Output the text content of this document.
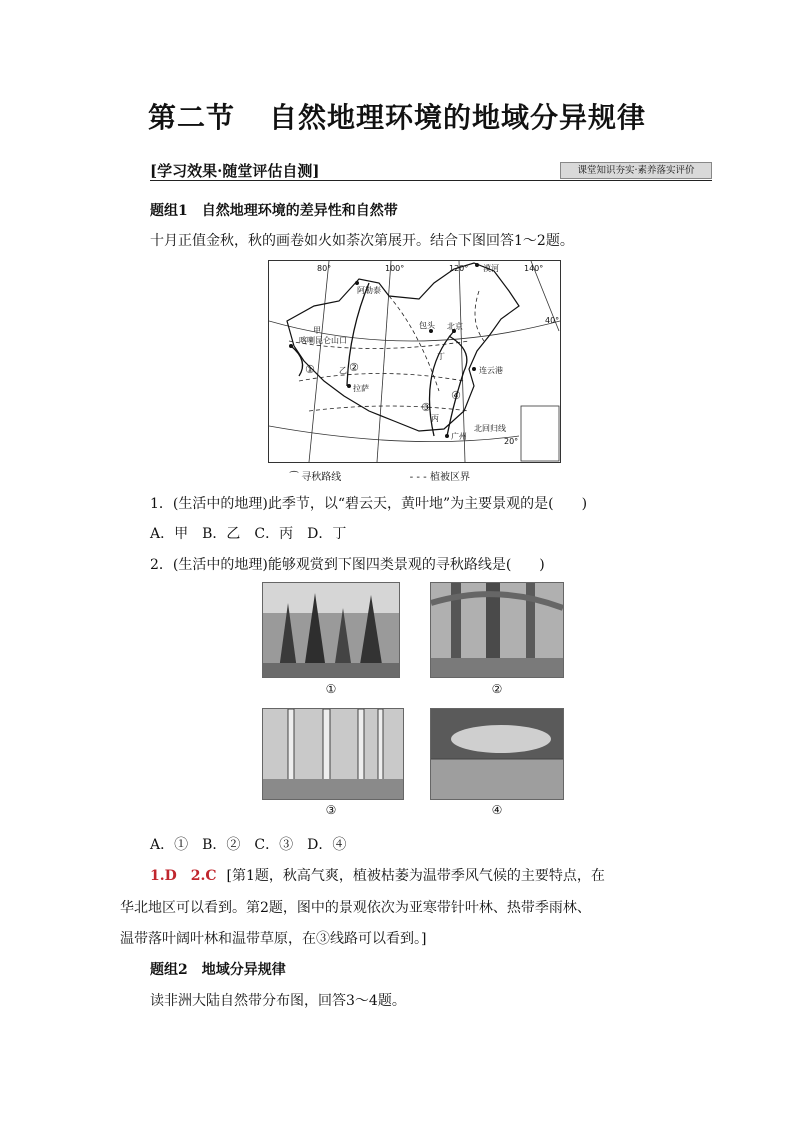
第二节 自然地理环境的地域分异规律
[学习效果·随堂评估自测]	课堂知识夯实·素养落实评价
题组1　自然地理环境的差异性和自然带
十月正值金秋，秋的画卷如火如荼次第展开。结合下图回答1～2题。
80°	100°	120°	140°
40°
20°
漠河
阿勒泰
甲
喀喇昆仑山口
包头 北京
丁
连云港
乙
拉萨
丙
广州
北回归线
①	②
③
④
⁀ 寻秋路线	- - - 植被区界
1．(生活中的地理)此季节，以“碧云天，黄叶地”为主要景观的是(　　)
A．甲　B．乙　C．丙　D．丁
2．(生活中的地理)能够观赏到下图四类景观的寻秋路线是(　　)
①	②
③	④
A．①　B．②　C．③　D．④
1.D　2.C [第1题，秋高气爽，植被枯萎为温带季风气候的主要特点，在
华北地区可以看到。第2题，图中的景观依次为亚寒带针叶林、热带季雨林、
温带落叶阔叶林和温带草原，在③线路可以看到。]
题组2　地域分异规律
读非洲大陆自然带分布图，回答3～4题。
